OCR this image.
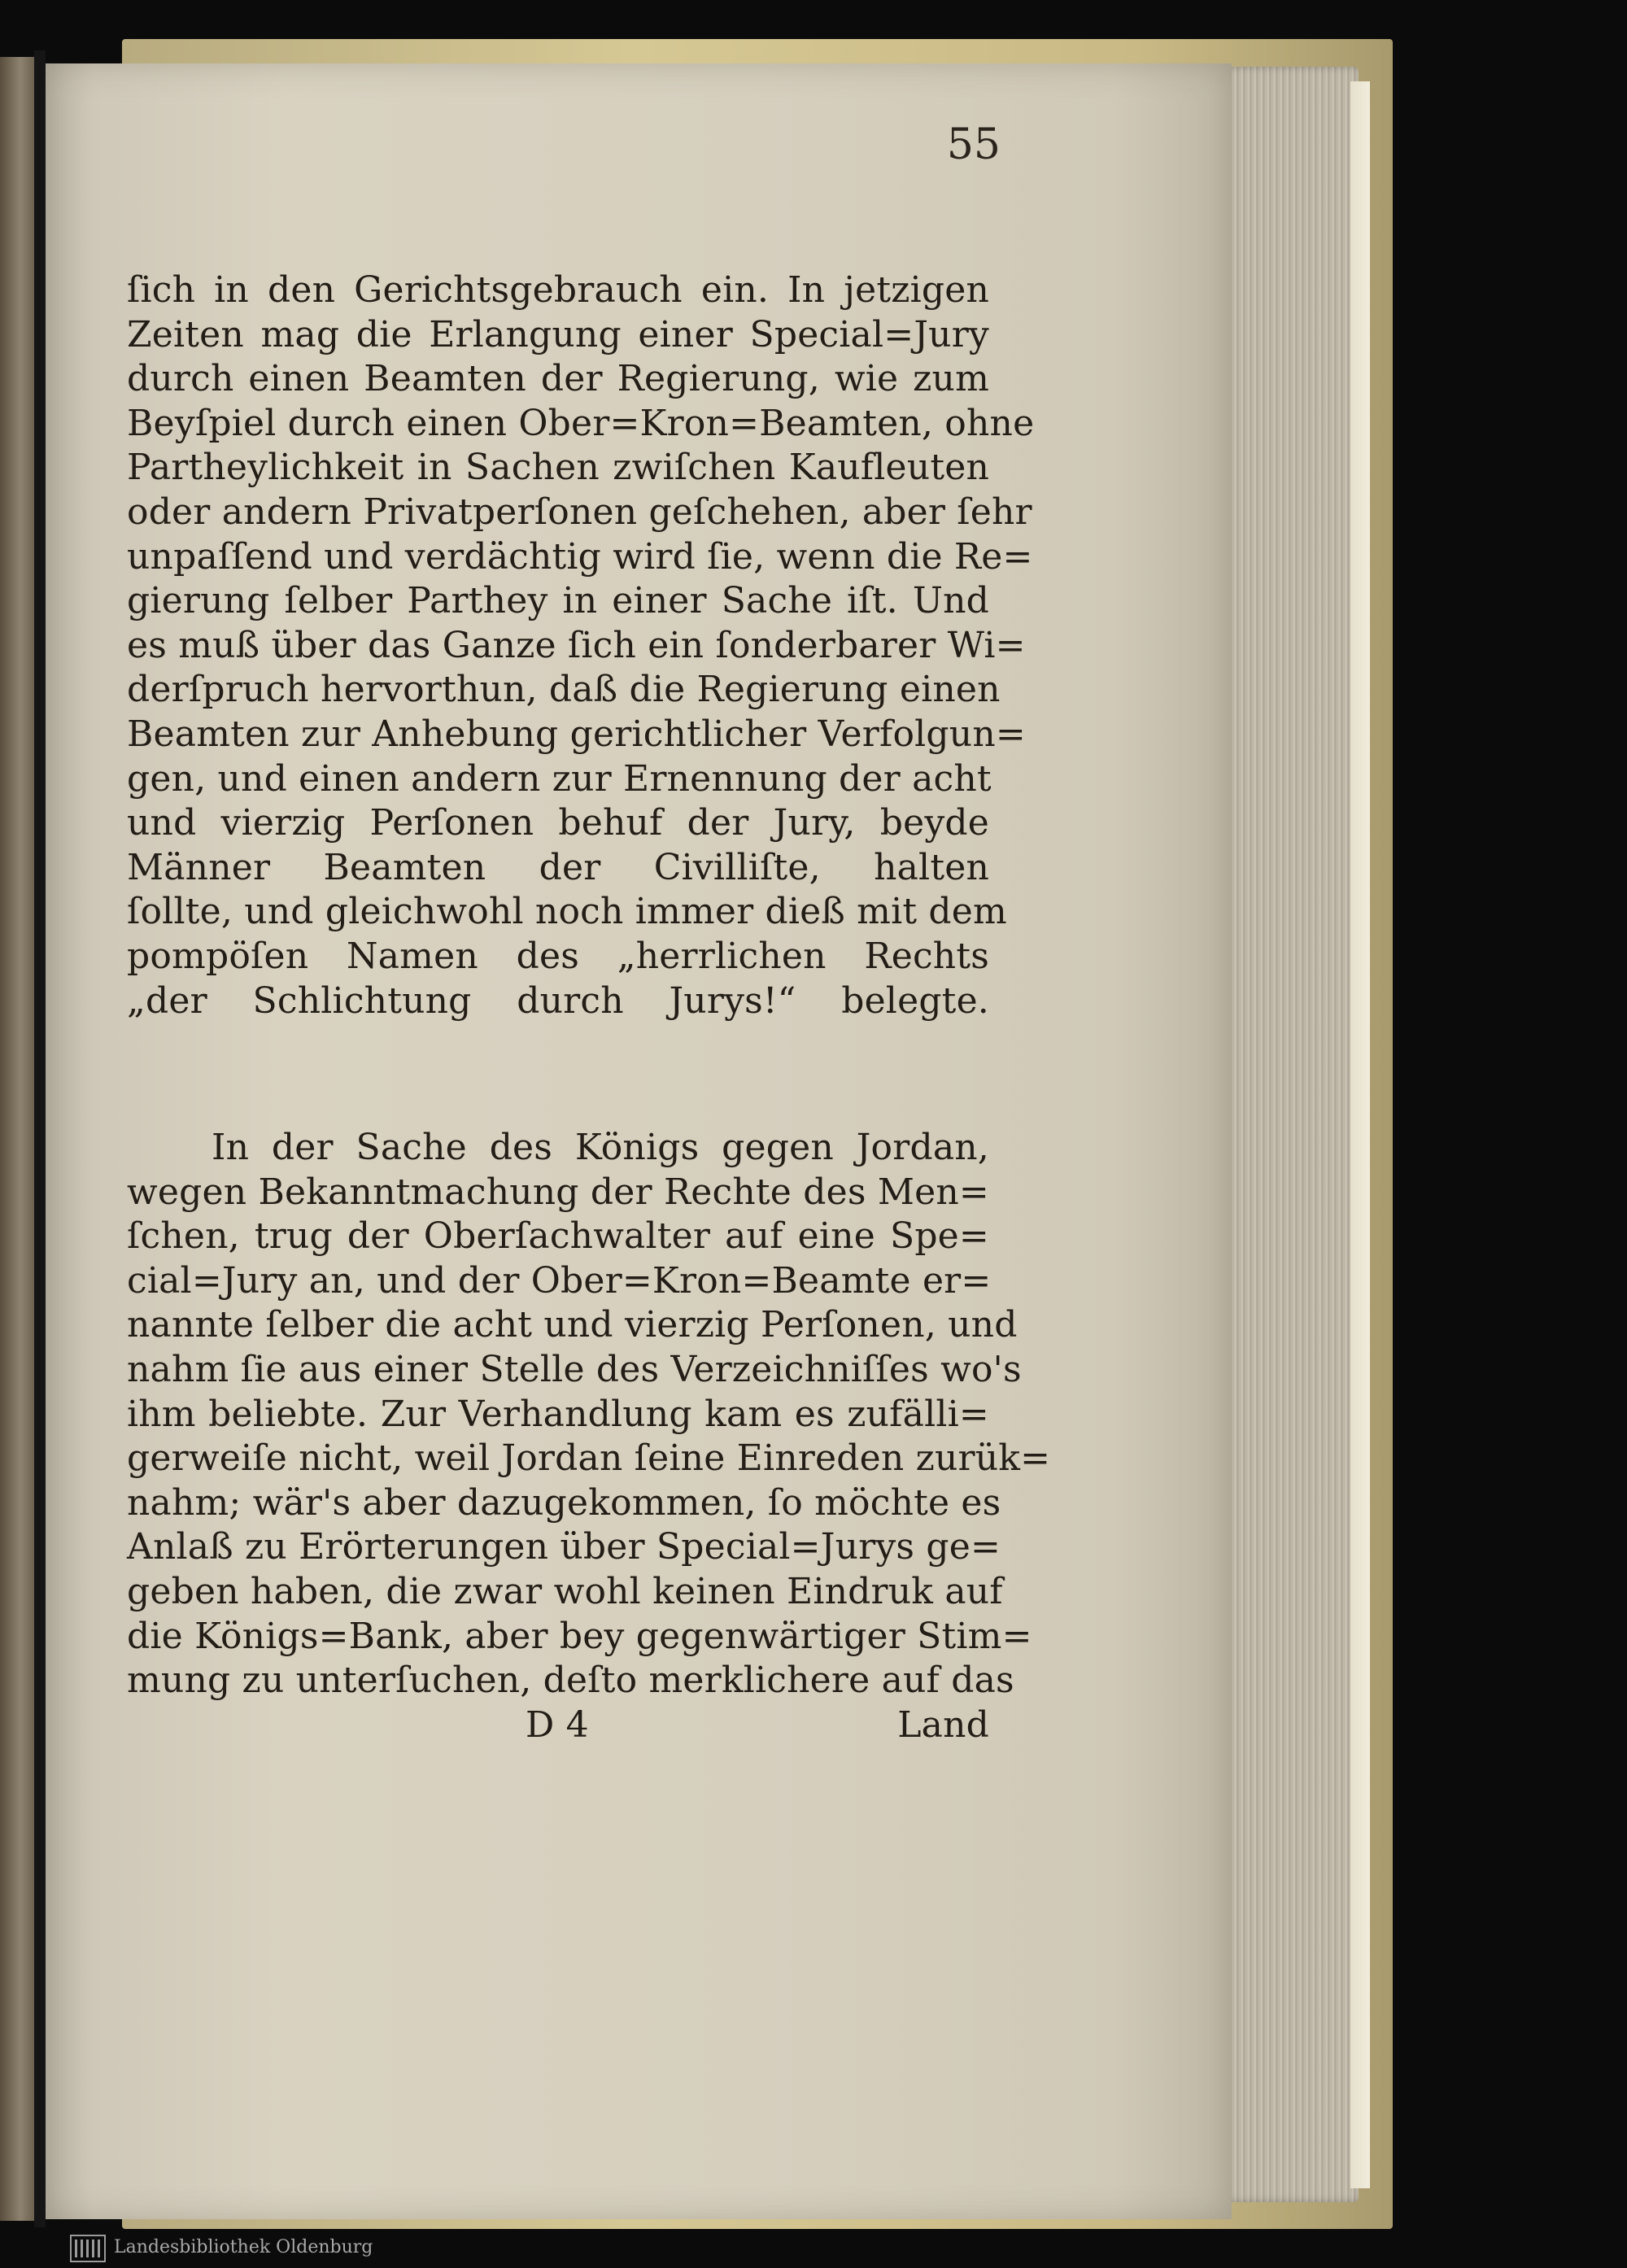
55
ſich in den Gerichtsgebrauch ein. In jetzigen
Zeiten mag die Erlangung einer Special=Jury
durch einen Beamten der Regierung, wie zum
Beyſpiel durch einen Ober=Kron=Beamten, ohne
Partheylichkeit in Sachen zwiſchen Kaufleuten
oder andern Privatperſonen geſchehen, aber ſehr
unpaſſend und verdächtig wird ſie, wenn die Re=
gierung ſelber Parthey in einer Sache iſt. Und
es muß über das Ganze ſich ein ſonderbarer Wi=
derſpruch hervorthun, daß die Regierung einen
Beamten zur Anhebung gerichtlicher Verfolgun=
gen, und einen andern zur Ernennung der acht
und vierzig Perſonen behuf der Jury, beyde
Männer Beamten der Civilliſte, halten
ſollte, und gleichwohl noch immer dieß mit dem
pompöſen Namen des „herrlichen Rechts
„der Schlichtung durch Jurys!“ belegte.
In der Sache des Königs gegen Jordan,
wegen Bekanntmachung der Rechte des Men=
ſchen, trug der Oberſachwalter auf eine Spe=
cial=Jury an, und der Ober=Kron=Beamte er=
nannte ſelber die acht und vierzig Perſonen, und
nahm ſie aus einer Stelle des Verzeichniſſes wo's
ihm beliebte. Zur Verhandlung kam es zufälli=
gerweiſe nicht, weil Jordan ſeine Einreden zurük=
nahm; wär's aber dazugekommen, ſo möchte es
Anlaß zu Erörterungen über Special=Jurys ge=
geben haben, die zwar wohl keinen Eindruk auf
die Königs=Bank, aber bey gegenwärtiger Stim=
mung zu unterſuchen, deſto merklichere auf das
D 4	Land
Landesbibliothek Oldenburg
